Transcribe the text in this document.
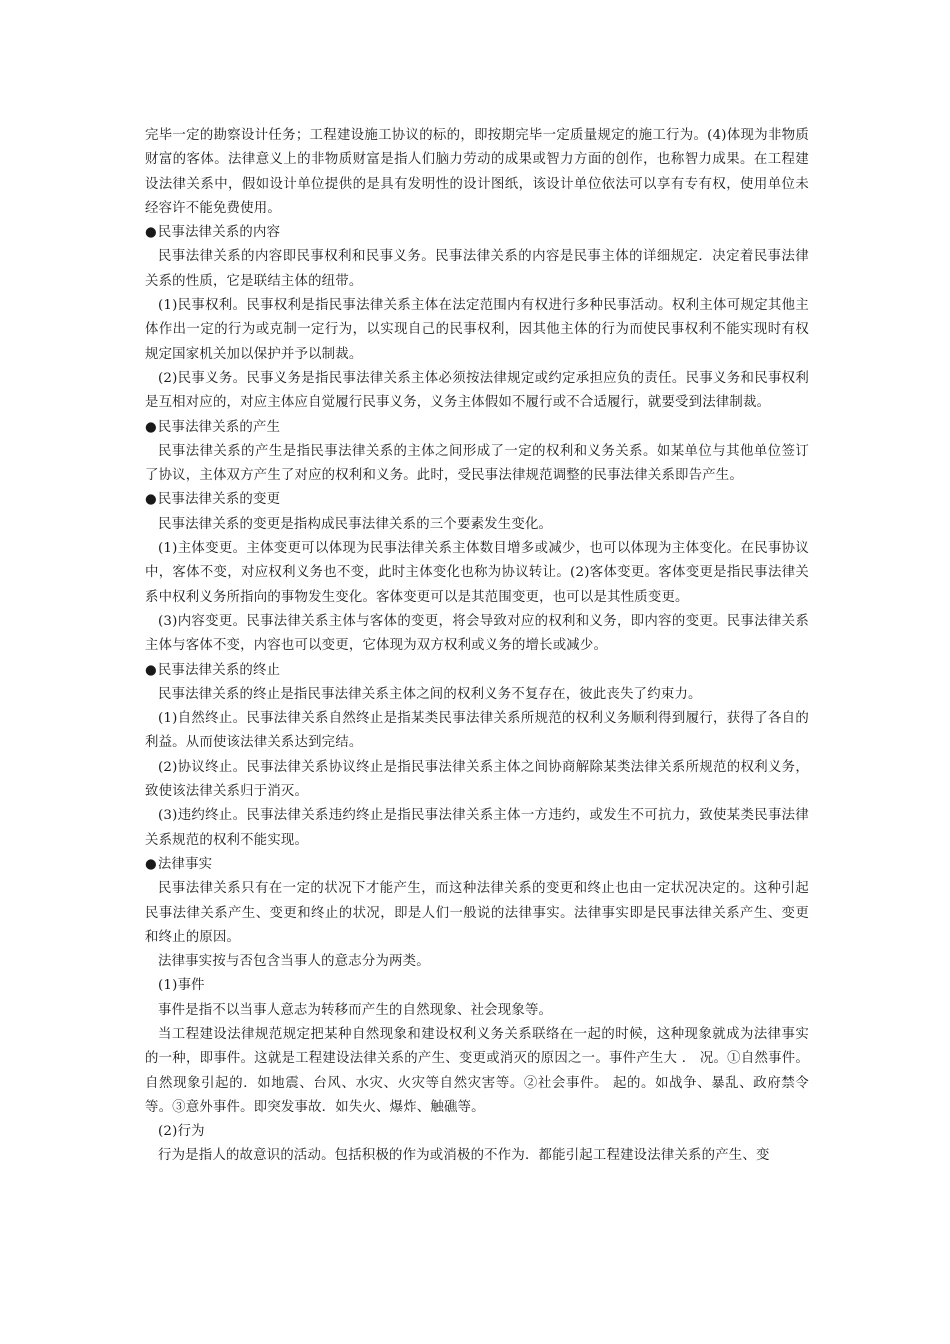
完毕一定的勘察设计任务；工程建设施工协议的标的，即按期完毕一定质量规定的施工行为。(4)体现为非物质财富的客体。法律意义上的非物质财富是指人们脑力劳动的成果或智力方面的创作，也称智力成果。在工程建设法律关系中，假如设计单位提供的是具有发明性的设计图纸，该设计单位依法可以享有专有权，使用单位未经容许不能免费使用。

●民事法律关系的内容

民事法律关系的内容即民事权利和民事义务。民事法律关系的内容是民事主体的详细规定．决定着民事法律关系的性质，它是联结主体的纽带。

(1)民事权利。民事权利是指民事法律关系主体在法定范围内有权进行多种民事活动。权利主体可规定其他主体作出一定的行为或克制一定行为，以实现自己的民事权利，因其他主体的行为而使民事权利不能实现时有权规定国家机关加以保护并予以制裁。

(2)民事义务。民事义务是指民事法律关系主体必须按法律规定或约定承担应负的责任。民事义务和民事权利是互相对应的，对应主体应自觉履行民事义务，义务主体假如不履行或不合适履行，就要受到法律制裁。

●民事法律关系的产生

民事法律关系的产生是指民事法律关系的主体之间形成了一定的权利和义务关系。如某单位与其他单位签订了协议，主体双方产生了对应的权利和义务。此时，受民事法律规范调整的民事法律关系即告产生。

●民事法律关系的变更

民事法律关系的变更是指构成民事法律关系的三个要素发生变化。

(1)主体变更。主体变更可以体现为民事法律关系主体数目增多或减少，也可以体现为主体变化。在民事协议中，客体不变，对应权利义务也不变，此时主体变化也称为协议转让。(2)客体变更。客体变更是指民事法律关系中权利义务所指向的事物发生变化。客体变更可以是其范围变更，也可以是其性质变更。

(3)内容变更。民事法律关系主体与客体的变更，将会导致对应的权利和义务，即内容的变更。民事法律关系主体与客体不变，内容也可以变更，它体现为双方权利或义务的增长或减少。

●民事法律关系的终止

民事法律关系的终止是指民事法律关系主体之间的权利义务不复存在，彼此丧失了约束力。

(1)自然终止。民事法律关系自然终止是指某类民事法律关系所规范的权利义务顺利得到履行，获得了各自的利益。从而使该法律关系达到完结。

(2)协议终止。民事法律关系协议终止是指民事法律关系主体之间协商解除某类法律关系所规范的权利义务，致使该法律关系归于消灭。

(3)违约终止。民事法律关系违约终止是指民事法律关系主体一方违约，或发生不可抗力，致使某类民事法律关系规范的权利不能实现。

●法律事实

民事法律关系只有在一定的状况下才能产生，而这种法律关系的变更和终止也由一定状况决定的。这种引起民事法律关系产生、变更和终止的状况，即是人们一般说的法律事实。法律事实即是民事法律关系产生、变更和终止的原因。

法律事实按与否包含当事人的意志分为两类。

(1)事件

事件是指不以当事人意志为转移而产生的自然现象、社会现象等。

当工程建设法律规范规定把某种自然现象和建设权利义务关系联络在一起的时候，这种现象就成为法律事实的一种，即事件。这就是工程建设法律关系的产生、变更或消灭的原因之一。事件产生大 ． 况。①自然事件。自然现象引起的．如地震、台风、水灾、火灾等自然灾害等。②社会事件。 起的。如战争、暴乱、政府禁令等。③意外事件。即突发事故．如失火、爆炸、触礁等。

(2)行为

行为是指人的故意识的活动。包括积极的作为或消极的不作为．都能引起工程建设法律关系的产生、变
